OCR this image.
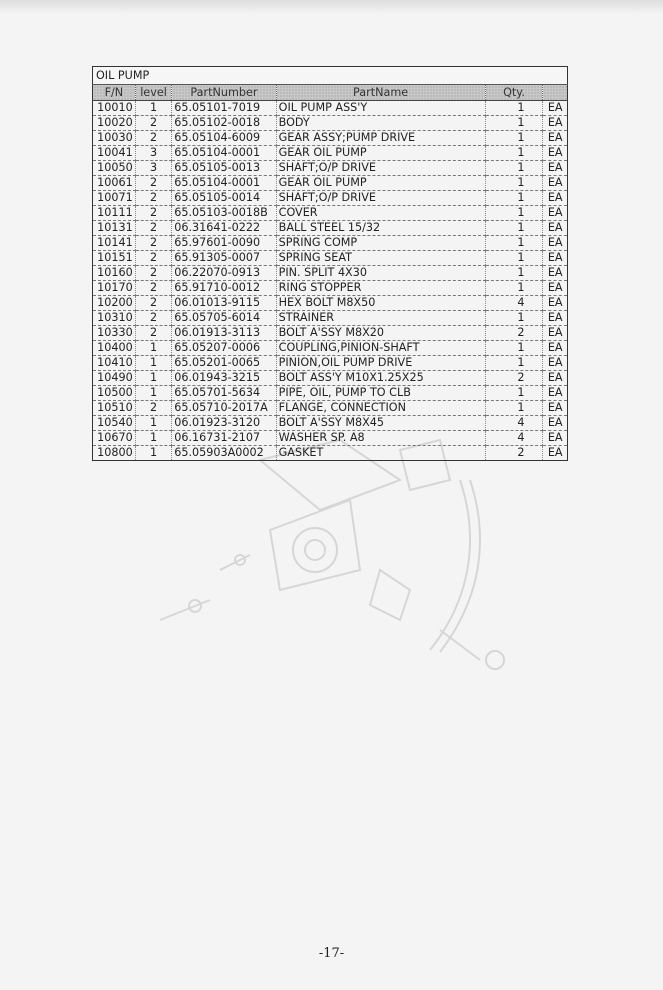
OIL PUMP					
F/N	level	PartNumber	PartName	Qty.	
10010	1	65.05101-7019	OIL PUMP ASS'Y	1	EA
10020	2	65.05102-0018	BODY	1	EA
10030	2	65.05104-6009	GEAR ASSY;PUMP DRIVE	1	EA
10041	3	65.05104-0001	GEAR OIL PUMP	1	EA
10050	3	65.05105-0013	SHAFT;O/P DRIVE	1	EA
10061	2	65.05104-0001	GEAR OIL PUMP	1	EA
10071	2	65.05105-0014	SHAFT;O/P DRIVE	1	EA
10111	2	65.05103-0018B	COVER	1	EA
10131	2	06.31641-0222	BALL STEEL 15/32	1	EA
10141	2	65.97601-0090	SPRING COMP	1	EA
10151	2	65.91305-0007	SPRING SEAT	1	EA
10160	2	06.22070-0913	PIN. SPLIT 4X30	1	EA
10170	2	65.91710-0012	RING STOPPER	1	EA
10200	2	06.01013-9115	HEX BOLT M8X50	4	EA
10310	2	65.05705-6014	STRAINER	1	EA
10330	2	06.01913-3113	BOLT A'SSY M8X20	2	EA
10400	1	65.05207-0006	COUPLING,PINION-SHAFT	1	EA
10410	1	65.05201-0065	PINION,OIL PUMP DRIVE	1	EA
10490	1	06.01943-3215	BOLT ASS'Y M10X1.25X25	2	EA
10500	1	65.05701-5634	PIPE, OIL, PUMP TO CLB	1	EA
10510	2	65.05710-2017A	FLANGE, CONNECTION	1	EA
10540	1	06.01923-3120	BOLT A'SSY M8X45	4	EA
10670	1	06.16731-2107	WASHER SP. A8	4	EA
10800	1	65.05903A0002	GASKET	2	EA
-17-
